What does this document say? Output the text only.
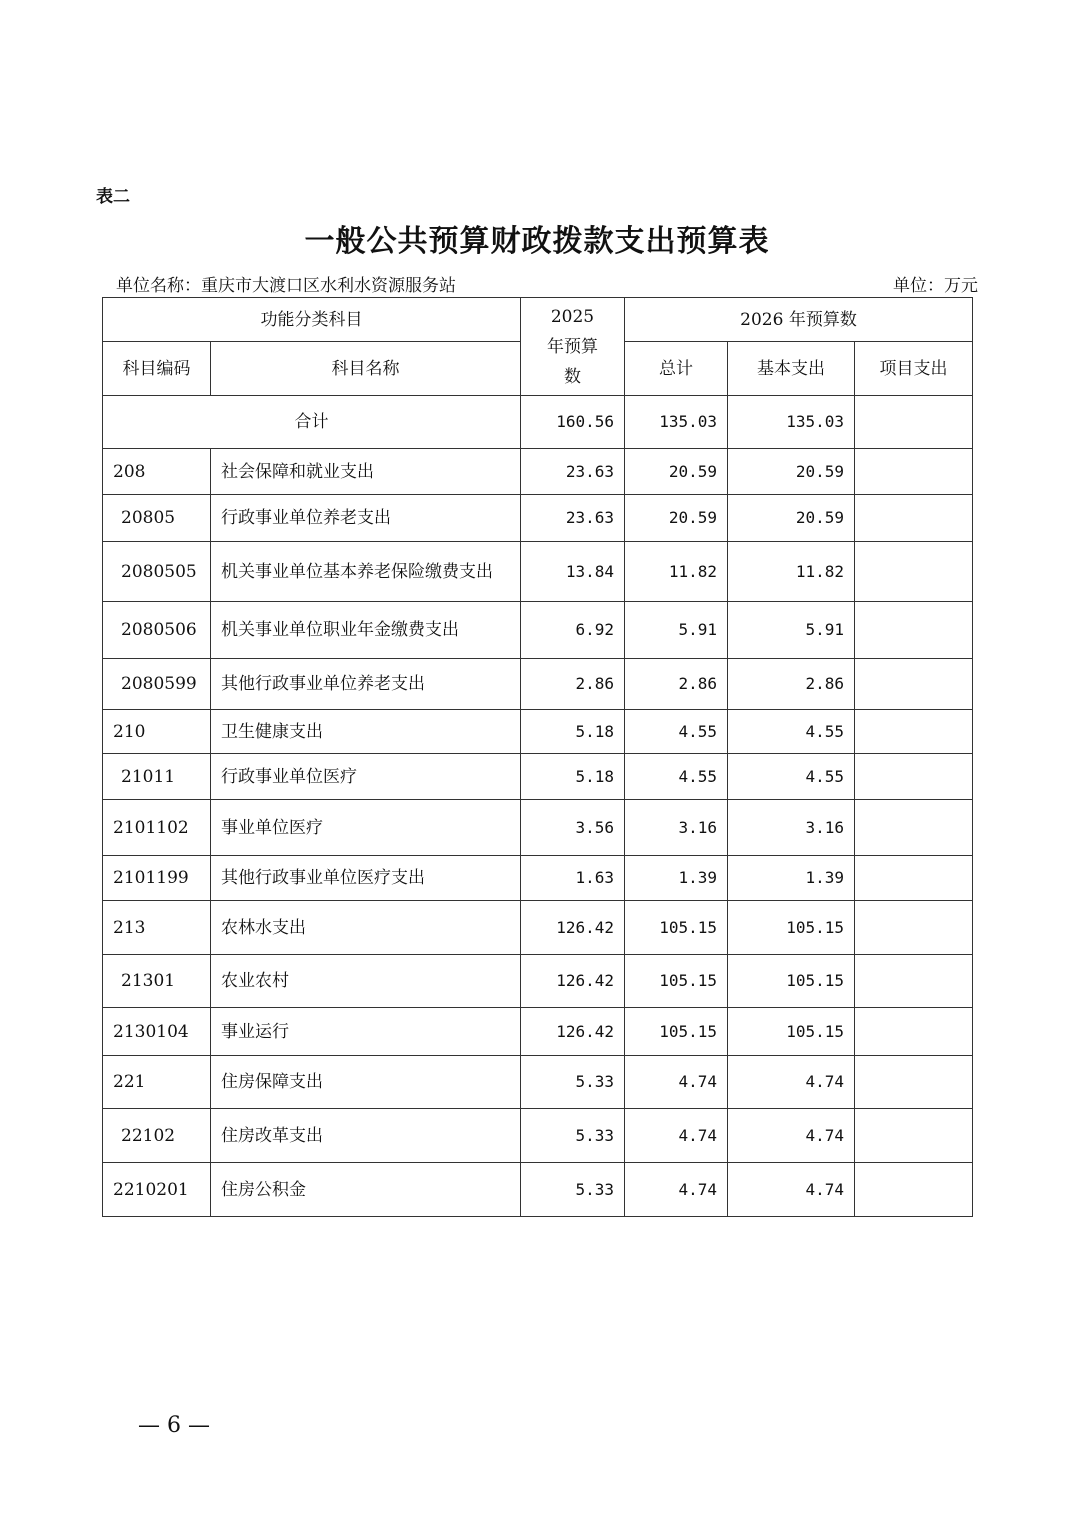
表二
一般公共预算财政拨款支出预算表
单位名称：重庆市大渡口区水利水资源服务站	单位：万元
功能分类科目		2025 年预算数	2026 年预算数		
科目编码	科目名称		总计	基本支出	项目支出
合计		160.56	135.03	135.03	
208	社会保障和就业支出	23.63	20.59	20.59	
20805	行政事业单位养老支出	23.63	20.59	20.59	
2080505	机关事业单位基本养老保险缴费支出	13.84	11.82	11.82	
2080506	机关事业单位职业年金缴费支出	6.92	5.91	5.91	
2080599	其他行政事业单位养老支出	2.86	2.86	2.86	
210	卫生健康支出	5.18	4.55	4.55	
21011	行政事业单位医疗	5.18	4.55	4.55	
2101102	事业单位医疗	3.56	3.16	3.16	
2101199	其他行政事业单位医疗支出	1.63	1.39	1.39	
213	农林水支出	126.42	105.15	105.15	
21301	农业农村	126.42	105.15	105.15	
2130104	事业运行	126.42	105.15	105.15	
221	住房保障支出	5.33	4.74	4.74	
22102	住房改革支出	5.33	4.74	4.74	
2210201	住房公积金	5.33	4.74	4.74	
— 6 —
